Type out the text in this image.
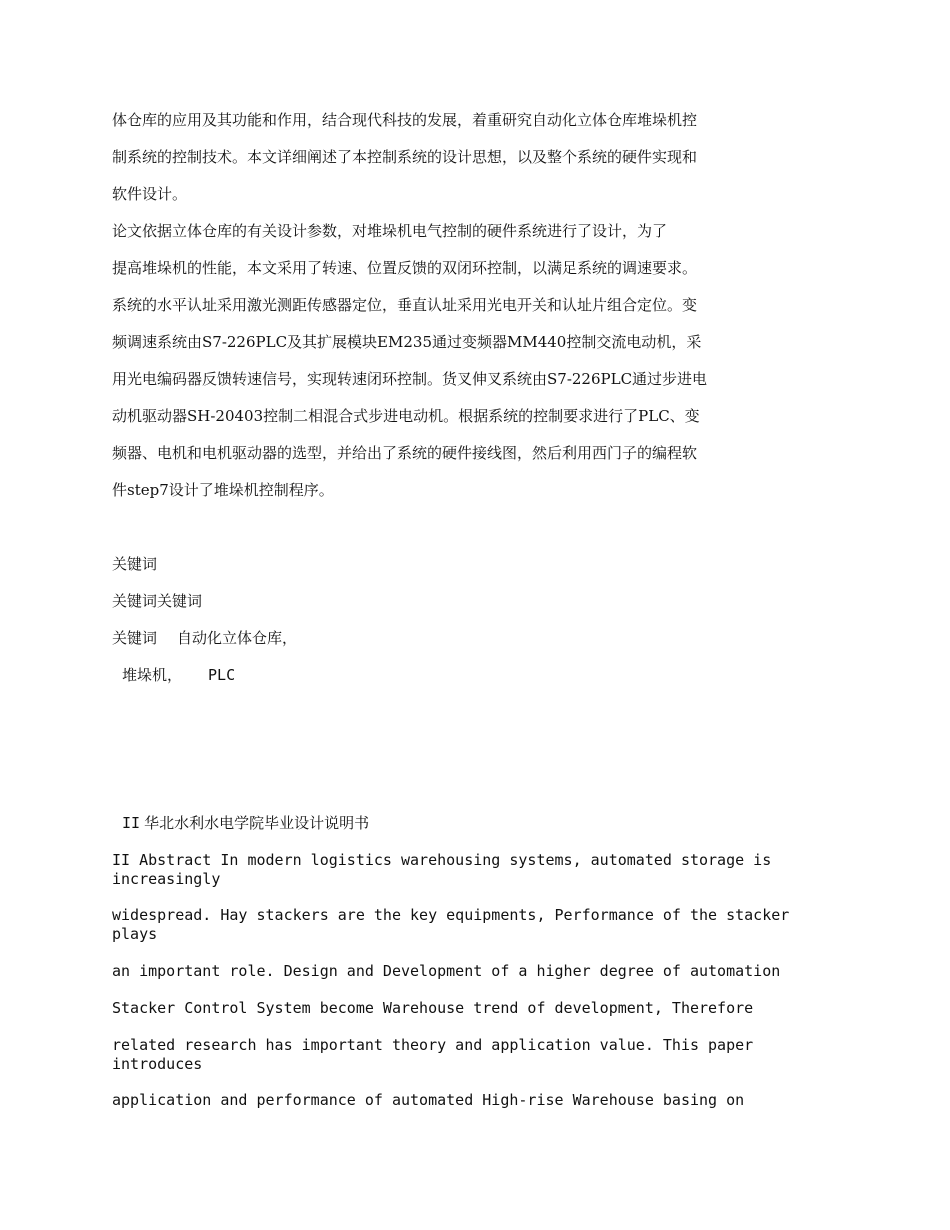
体仓库的应用及其功能和作用，结合现代科技的发展，着重研究自动化立体仓库堆垛机控
制系统的控制技术。本文详细阐述了本控制系统的设计思想，以及整个系统的硬件实现和
软件设计。
论文依据立体仓库的有关设计参数，对堆垛机电气控制的硬件系统进行了设计，为了
提高堆垛机的性能，本文采用了转速、位置反馈的双闭环控制，以满足系统的调速要求。
系统的水平认址采用激光测距传感器定位，垂直认址采用光电开关和认址片组合定位。变
频调速系统由S7-226PLC及其扩展模块EM235通过变频器MM440控制交流电动机，采
用光电编码器反馈转速信号，实现转速闭环控制。货叉伸叉系统由S7-226PLC通过步进电
动机驱动器SH-20403控制二相混合式步进电动机。根据系统的控制要求进行了PLC、变
频器、电机和电机驱动器的选型，并给出了系统的硬件接线图，然后利用西门子的编程软
件step7设计了堆垛机控制程序。
关键词
关键词关键词
关键词 自动化立体仓库，
堆垛机， PLC
II 华北水利水电学院毕业设计说明书
II Abstract In modern logistics warehousing systems, automated storage is increasingly
widespread. Hay stackers are the key equipments, Performance of the stacker plays
an important role. Design and Development of a higher degree of automation
Stacker Control System become Warehouse trend of development, Therefore
related research has important theory and application value. This paper introduces
application and performance of automated High-rise Warehouse basing on
